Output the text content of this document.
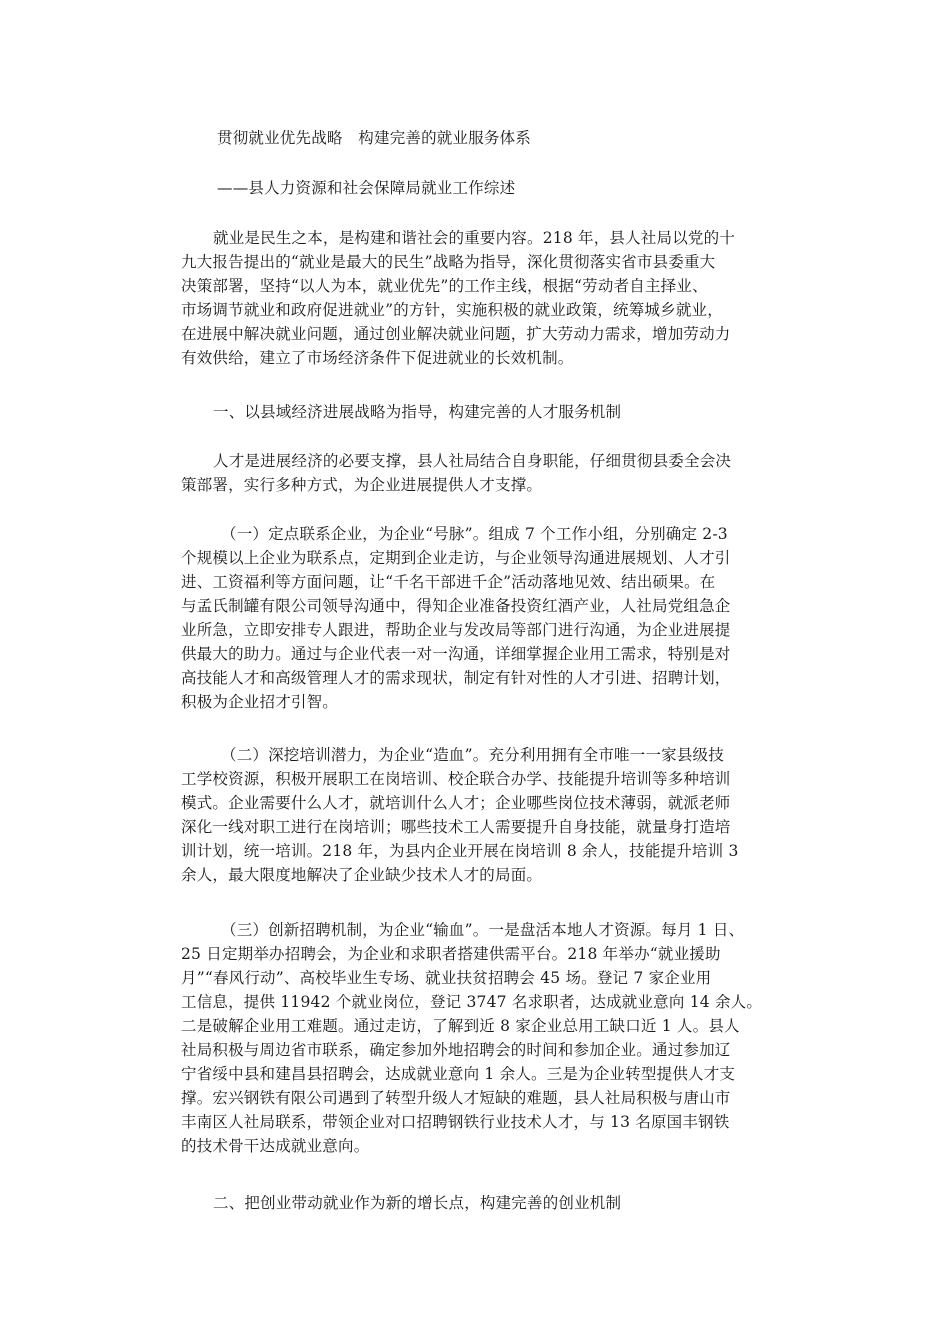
贯彻就业优先战略　构建完善的就业服务体系
——县人力资源和社会保障局就业工作综述
就业是民生之本，是构建和谐社会的重要内容。218 年，县人社局以党的十
九大报告提出的“就业是最大的民生”战略为指导，深化贯彻落实省市县委重大
决策部署，坚持“以人为本，就业优先”的工作主线，根据“劳动者自主择业、
市场调节就业和政府促进就业”的方针，实施积极的就业政策，统筹城乡就业，
在进展中解决就业问题，通过创业解决就业问题，扩大劳动力需求，增加劳动力
有效供给，建立了市场经济条件下促进就业的长效机制。
一、以县域经济进展战略为指导，构建完善的人才服务机制
人才是进展经济的必要支撑，县人社局结合自身职能，仔细贯彻县委全会决
策部署，实行多种方式，为企业进展提供人才支撑。
（一）定点联系企业，为企业“号脉”。组成 7 个工作小组，分别确定 2-3
个规模以上企业为联系点，定期到企业走访，与企业领导沟通进展规划、人才引
进、工资福利等方面问题，让“千名干部进千企”活动落地见效、结出硕果。在
与孟氏制罐有限公司领导沟通中，得知企业准备投资红酒产业，人社局党组急企
业所急，立即安排专人跟进，帮助企业与发改局等部门进行沟通，为企业进展提
供最大的助力。通过与企业代表一对一沟通，详细掌握企业用工需求，特别是对
高技能人才和高级管理人才的需求现状，制定有针对性的人才引进、招聘计划，
积极为企业招才引智。
（二）深挖培训潜力，为企业“造血”。充分利用拥有全市唯一一家县级技
工学校资源，积极开展职工在岗培训、校企联合办学、技能提升培训等多种培训
模式。企业需要什么人才，就培训什么人才；企业哪些岗位技术薄弱，就派老师
深化一线对职工进行在岗培训；哪些技术工人需要提升自身技能，就量身打造培
训计划，统一培训。218 年，为县内企业开展在岗培训 8 余人，技能提升培训 3
余人，最大限度地解决了企业缺少技术人才的局面。
（三）创新招聘机制，为企业“输血”。一是盘活本地人才资源。每月 1 日、
25 日定期举办招聘会，为企业和求职者搭建供需平台。218 年举办“就业援助
月”“春风行动”、高校毕业生专场、就业扶贫招聘会 45 场。登记 7 家企业用
工信息，提供 11942 个就业岗位，登记 3747 名求职者，达成就业意向 14 余人。
二是破解企业用工难题。通过走访，了解到近 8 家企业总用工缺口近 1 人。县人
社局积极与周边省市联系，确定参加外地招聘会的时间和参加企业。通过参加辽
宁省绥中县和建昌县招聘会，达成就业意向 1 余人。三是为企业转型提供人才支
撑。宏兴钢铁有限公司遇到了转型升级人才短缺的难题，县人社局积极与唐山市
丰南区人社局联系，带领企业对口招聘钢铁行业技术人才，与 13 名原国丰钢铁
的技术骨干达成就业意向。
二、把创业带动就业作为新的增长点，构建完善的创业机制
